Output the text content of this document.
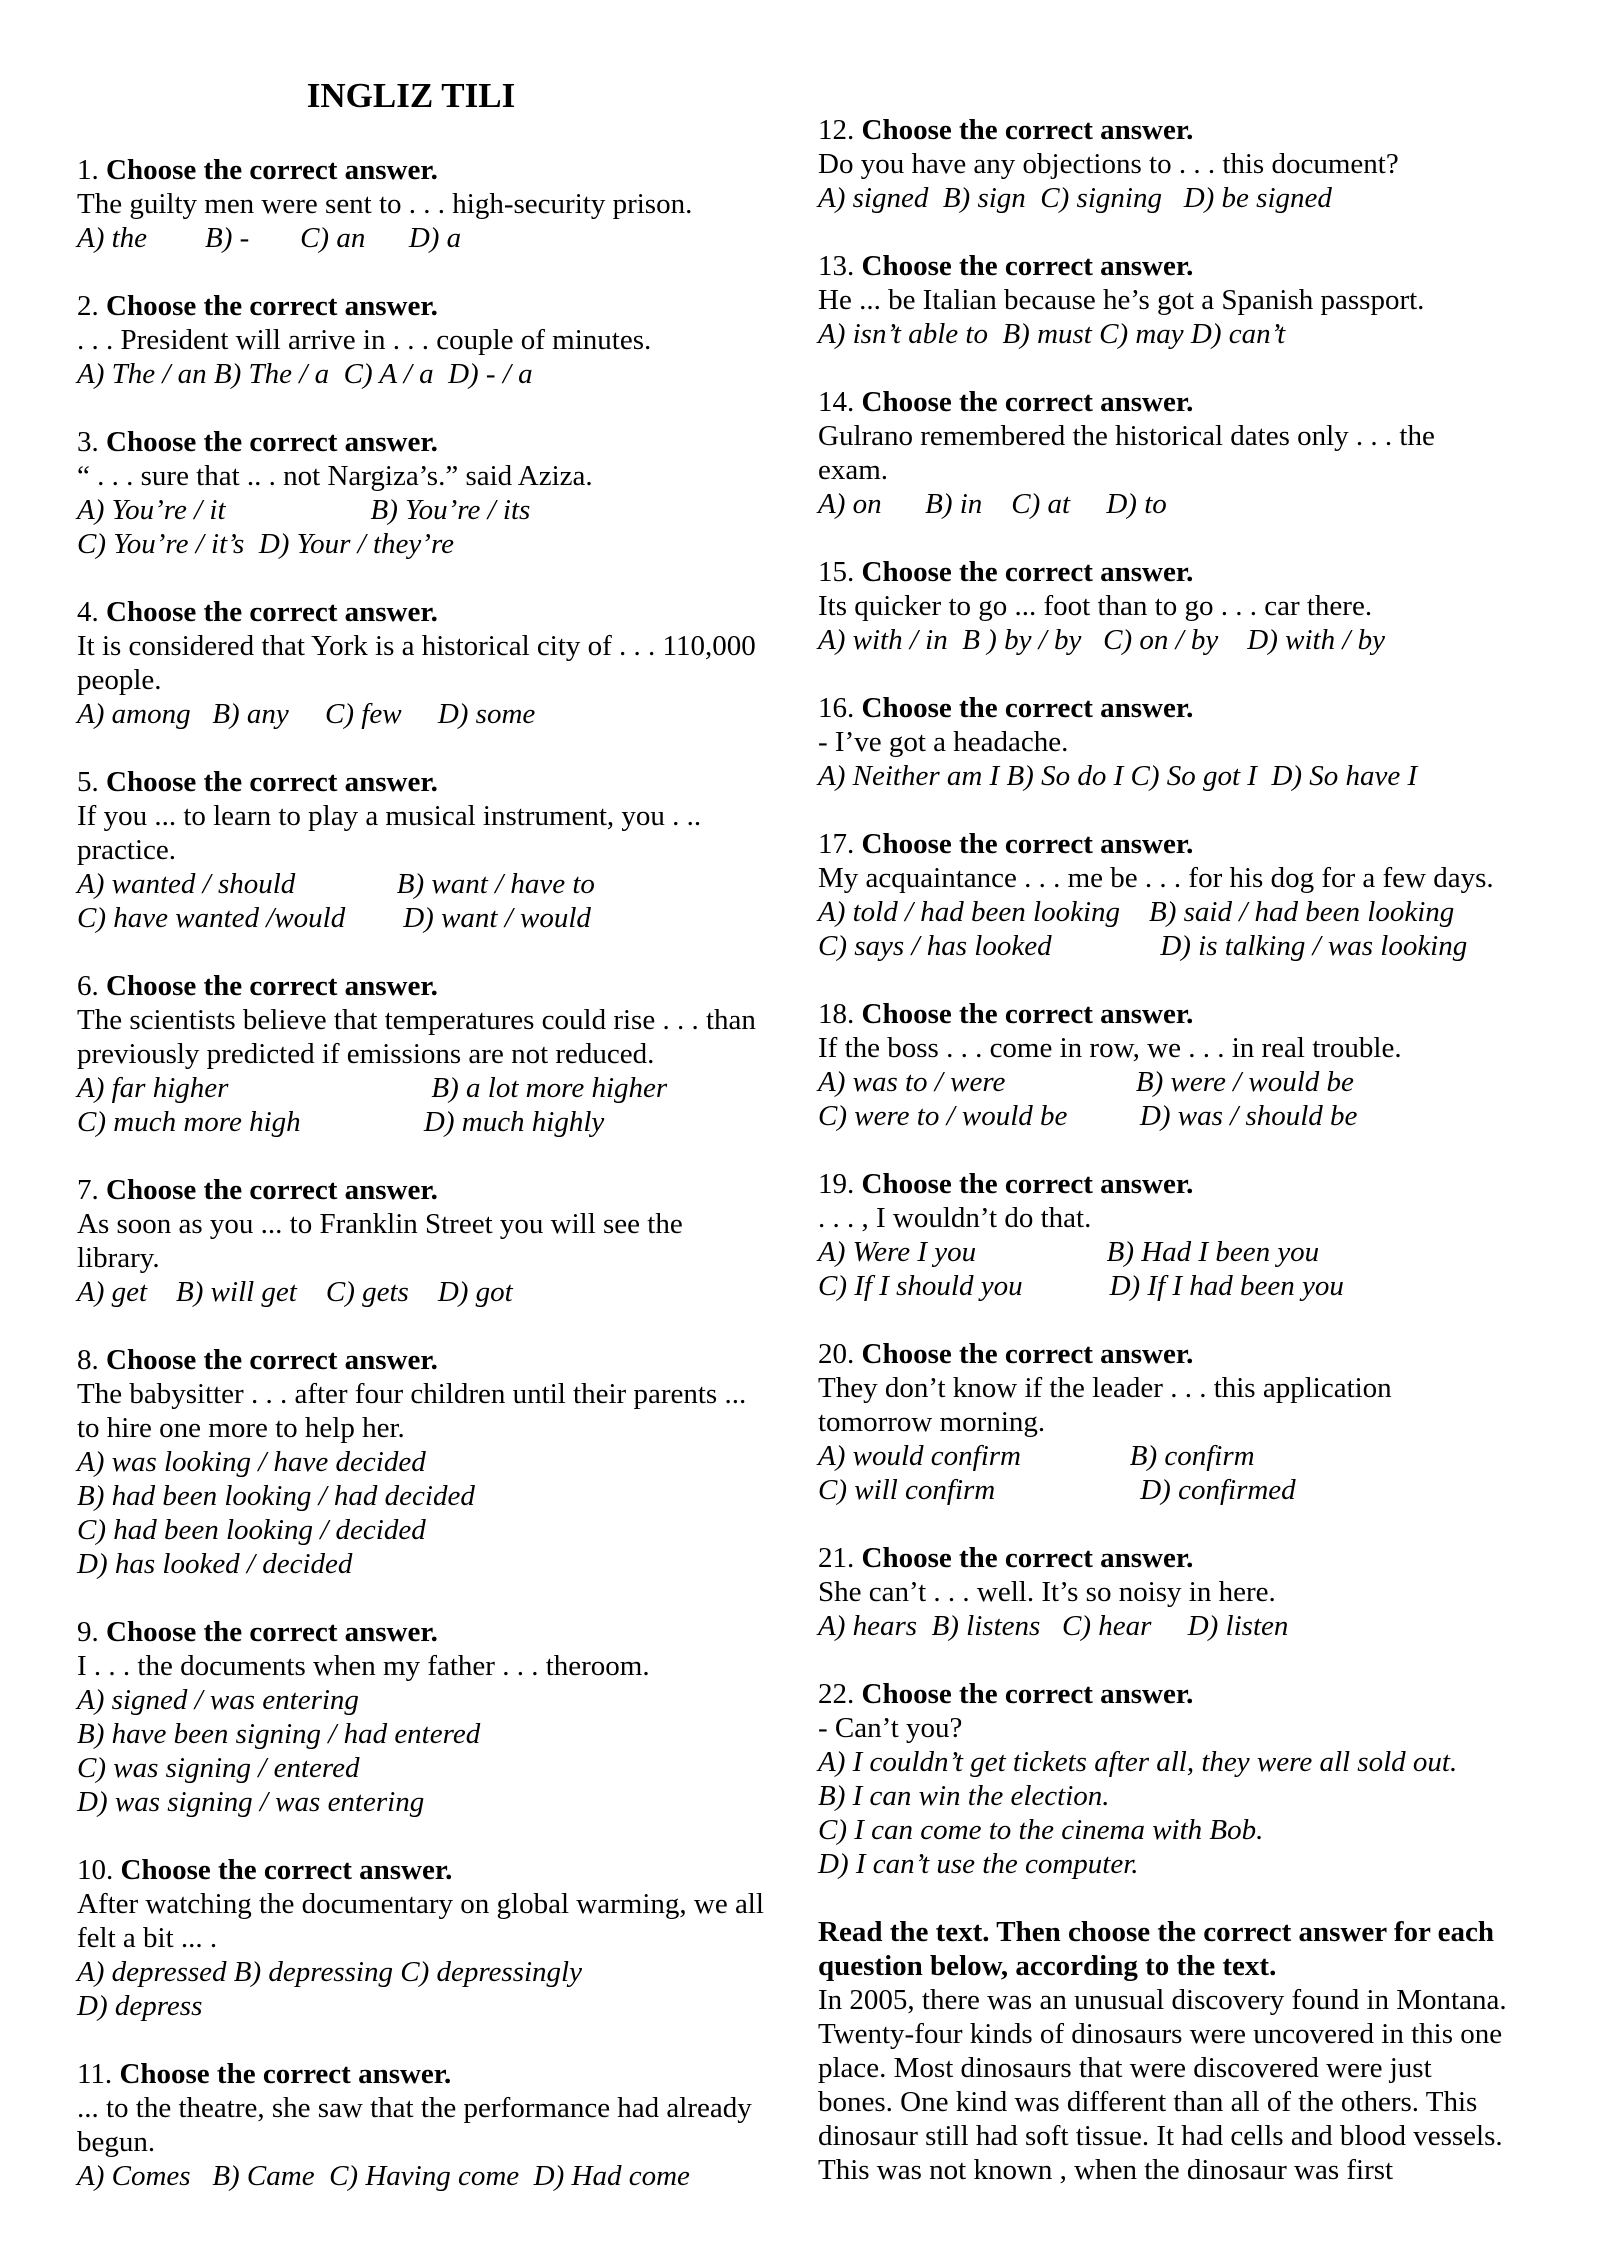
INGLIZ TILI
1. Choose the correct answer.
The guilty men were sent to . . . high-security prison.
A) the        B) -       C) an      D) a
2. Choose the correct answer.
. . . President will arrive in . . . couple of minutes.
A) The / an B) The / a  C) A / a  D) - / a
3. Choose the correct answer.
“ . . . sure that .. . not Nargiza’s.” said Aziza.
A) You’re / it                    B) You’re / its
C) You’re / it’s  D) Your / they’re
4. Choose the correct answer.
It is considered that York is a historical city of . . . 110,000
people.
A) among   B) any     C) few     D) some
5. Choose the correct answer.
If you ... to learn to play a musical instrument, you . ..
practice.
A) wanted / should              B) want / have to
C) have wanted /would        D) want / would
6. Choose the correct answer.
The scientists believe that temperatures could rise . . . than
previously predicted if emissions are not reduced.
A) far higher                            B) a lot more higher
C) much more high                 D) much highly
7. Choose the correct answer.
As soon as you ... to Franklin Street you will see the
library.
A) get    B) will get    C) gets    D) got
8. Choose the correct answer.
The babysitter . . . after four children until their parents ...
to hire one more to help her.
A) was looking / have decided
B) had been looking / had decided
C) had been looking / decided
D) has looked / decided
9. Choose the correct answer.
I . . . the documents when my father . . . theroom.
A) signed / was entering
B) have been signing / had entered
C) was signing / entered
D) was signing / was entering
10. Choose the correct answer.
After watching the documentary on global warming, we all
felt a bit ... .
A) depressed B) depressing C) depressingly
D) depress
11. Choose the correct answer.
... to the theatre, she saw that the performance had already
begun.
A) Comes   B) Came  C) Having come  D) Had come
12. Choose the correct answer.
Do you have any objections to . . . this document?
A) signed  B) sign  C) signing   D) be signed
13. Choose the correct answer.
He ... be Italian because he’s got a Spanish passport.
A) isn’t able to  B) must C) may D) can’t
14. Choose the correct answer.
Gulrano remembered the historical dates only . . . the
exam.
A) on      B) in    C) at     D) to
15. Choose the correct answer.
Its quicker to go ... foot than to go . . . car there.
A) with / in  B ) by / by   C) on / by    D) with / by
16. Choose the correct answer.
- I’ve got a headache.
A) Neither am I B) So do I C) So got I  D) So have I
17. Choose the correct answer.
My acquaintance . . . me be . . . for his dog for a few days.
A) told / had been looking    B) said / had been looking
C) says / has looked               D) is talking / was looking
18. Choose the correct answer.
If the boss . . . come in row, we . . . in real trouble.
A) was to / were                  B) were / would be
C) were to / would be          D) was / should be
19. Choose the correct answer.
. . . , I wouldn’t do that.
A) Were I you                  B) Had I been you
C) If I should you            D) If I had been you
20. Choose the correct answer.
They don’t know if the leader . . . this application
tomorrow morning.
A) would confirm               B) confirm
C) will confirm                    D) confirmed
21. Choose the correct answer.
She can’t . . . well. It’s so noisy in here.
A) hears  B) listens   C) hear     D) listen
22. Choose the correct answer.
- Can’t you?
A) I couldn’t get tickets after all, they were all sold out.
B) I can win the election.
C) I can come to the cinema with Bob.
D) I can’t use the computer.
Read the text. Then choose the correct answer for each
question below, according to the text.
In 2005, there was an unusual discovery found in Montana.
Twenty-four kinds of dinosaurs were uncovered in this one
place. Most dinosaurs that were discovered were just
bones. One kind was different than all of the others. This
dinosaur still had soft tissue. It had cells and blood vessels.
This was not known , when the dinosaur was first
